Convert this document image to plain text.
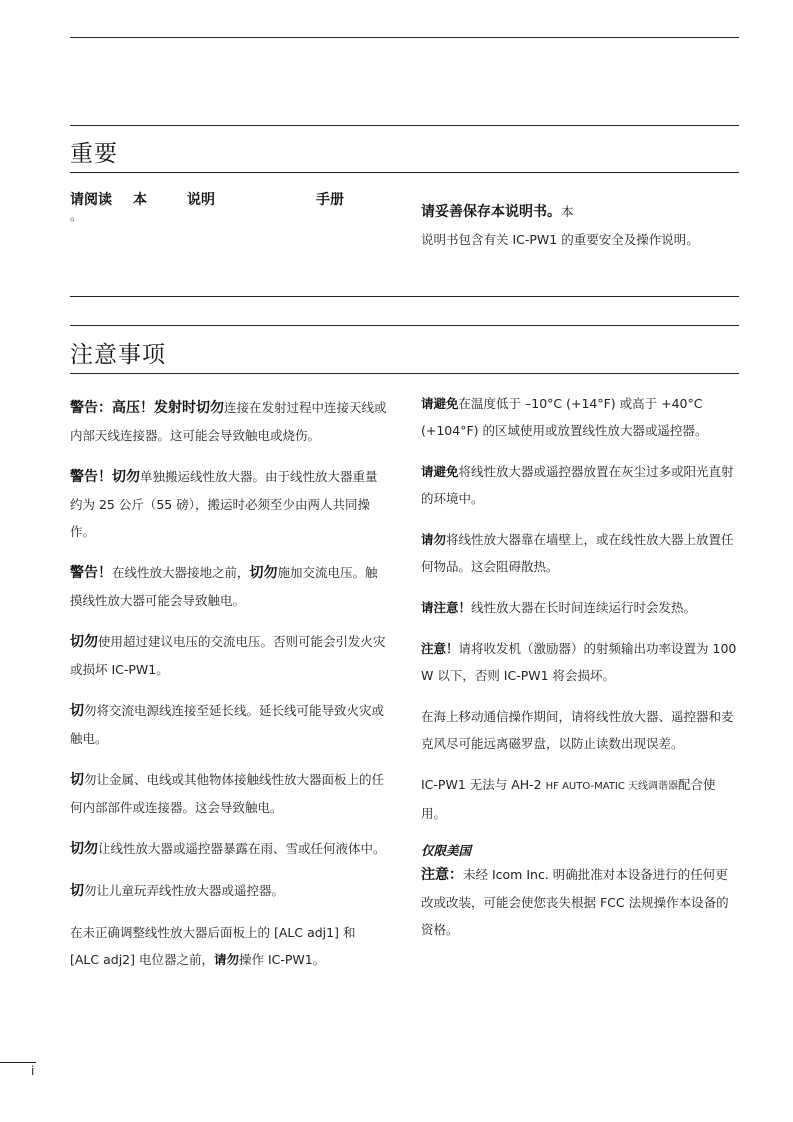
重要
请阅读 本	说明	手册
。	请妥善保存本说明书。本
说明书包含有关 IC-PW1 的重要安全及操作说明。
注意事项

警告：高压！发射时切勿连接在发射过程中连接天线或内部天线连接器。这可能会导致触电或烧伤。

警告！切勿单独搬运线性放大器。由于线性放大器重量约为 25 公斤（55 磅），搬运时必须至少由两人共同操作。

警告！在线性放大器接地之前，切勿施加交流电压。触摸线性放大器可能会导致触电。

切勿使用超过建议电压的交流电压。否则可能会引发火灾或损坏 IC-PW1。

切勿将交流电源线连接至延长线。延长线可能导致火灾或触电。

切勿让金属、电线或其他物体接触线性放大器面板上的任何内部部件或连接器。这会导致触电。

切勿让线性放大器或遥控器暴露在雨、雪或任何液体中。

切勿让儿童玩弄线性放大器或遥控器。

在未正确调整线性放大器后面板上的 [ALC adj1] 和 [ALC adj2] 电位器之前，请勿操作 IC-PW1。

请避免在温度低于 –10°C (+14°F) 或高于 +40°C (+104°F) 的区域使用或放置线性放大器或遥控器。

请避免将线性放大器或遥控器放置在灰尘过多或阳光直射的环境中。

请勿将线性放大器靠在墙壁上，或在线性放大器上放置任何物品。这会阻碍散热。

请注意！线性放大器在长时间连续运行时会发热。

注意！请将收发机（激励器）的射频输出功率设置为 100 W 以下，否则 IC-PW1 将会损坏。

在海上移动通信操作期间，请将线性放大器、遥控器和麦克风尽可能远离磁罗盘，以防止读数出现误差。

IC-PW1 无法与 AH-2 HF AUTO-MATIC 天线调谐器配合使用。

仅限美国
注意：未经 Icom Inc. 明确批准对本设备进行的任何更改或改装，可能会使您丧失根据 FCC 法规操作本设备的资格。
i
